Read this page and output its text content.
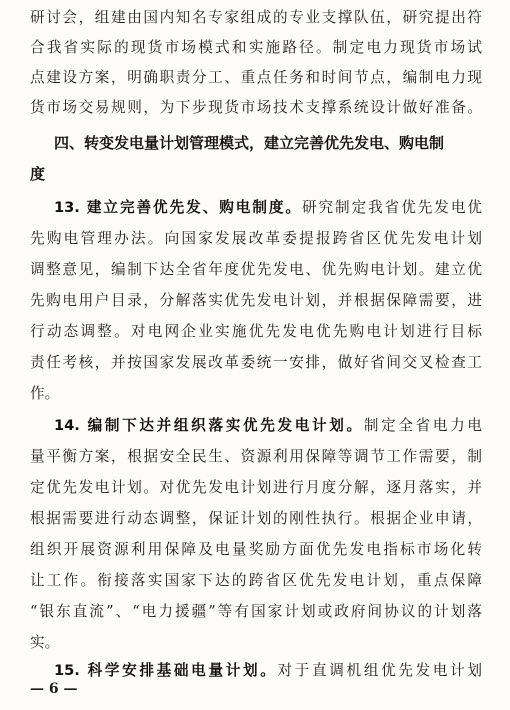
研讨会，组建由国内知名专家组成的专业支撑队伍，研究提出符
合我省实际的现货市场模式和实施路径。制定电力现货市场试
点建设方案，明确职责分工、重点任务和时间节点，编制电力现
货市场交易规则，为下步现货市场技术支撑系统设计做好准备。
四、转变发电量计划管理模式，建立完善优先发电、购电制
度
13. 建立完善优先发、购电制度。研究制定我省优先发电优
先购电管理办法。向国家发展改革委提报跨省区优先发电计划
调整意见，编制下达全省年度优先发电、优先购电计划。建立优
先购电用户目录，分解落实优先发电计划，并根据保障需要，进
行动态调整。对电网企业实施优先发电优先购电计划进行目标
责任考核，并按国家发展改革委统一安排，做好省间交叉检查工
作。
14. 编制下达并组织落实优先发电计划。制定全省电力电
量平衡方案，根据安全民生、资源利用保障等调节工作需要，制
定优先发电计划。对优先发电计划进行月度分解，逐月落实，并
根据需要进行动态调整，保证计划的刚性执行。根据企业申请，
组织开展资源利用保障及电量奖励方面优先发电指标市场化转
让工作。衔接落实国家下达的跨省区优先发电计划，重点保障
“银东直流”、“电力援疆”等有国家计划或政府间协议的计划落
实。
15. 科学安排基础电量计划。对于直调机组优先发电计划
— 6 —
